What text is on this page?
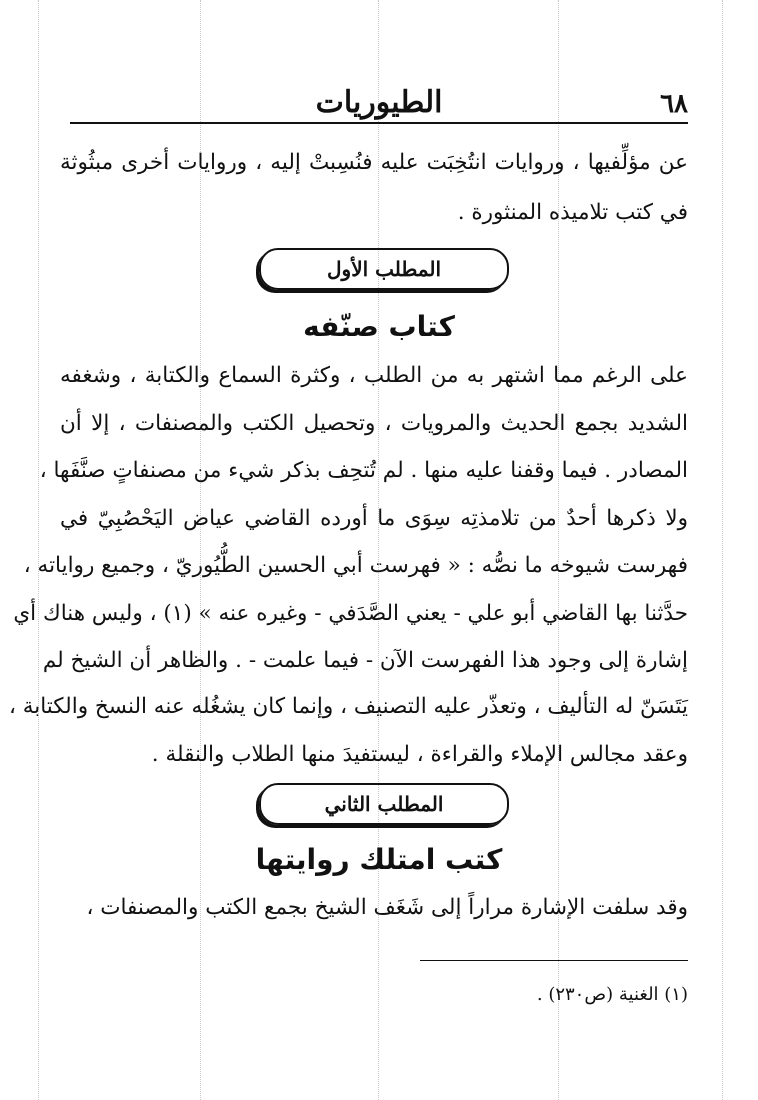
٦٨
الطيوريات
عن مؤلِّفيها ، وروايات انتُخِبَت عليه فنُسِبتْ إليه ، وروايات أخرى مبثُوثة
في كتب تلاميذه المنثورة .
المطلب الأول
كتاب صنّفه
على الرغم مما اشتهر به من الطلب ، وكثرة السماع والكتابة ، وشغفه
الشديد بجمع الحديث والمرويات ، وتحصيل الكتب والمصنفات ، إلا أن
المصادر . فيما وقفنا عليه منها . لم تُتحِف بذكر شيء من مصنفاتٍ صنَّفَها ،
ولا ذكرها أحدٌ من تلامذتِه سِوَى ما أورده القاضي عياض اليَحْصُبِيّ في
فهرست شيوخه ما نصُّه : « فهرست أبي الحسين الطُّيُوريّ ، وجميع رواياته ،
حدَّثنا بها القاضي أبو علي - يعني الصَّدَفي - وغيره عنه » (١) ، وليس هناك أي
إشارة إلى وجود هذا الفهرست الآن - فيما علمت - . والظاهر أن الشيخ لم
يَتَسَنّ له التأليف ، وتعذّر عليه التصنيف ، وإنما كان يشغُله عنه النسخ والكتابة ،
وعقد مجالس الإملاء والقراءة ، ليستفيدَ منها الطلاب والنقلة .
المطلب الثاني
كتب امتلك روايتها
وقد سلفت الإشارة مراراً إلى شَغَف الشيخ بجمع الكتب والمصنفات ،
(١) الغنية (ص٢٣٠) .
